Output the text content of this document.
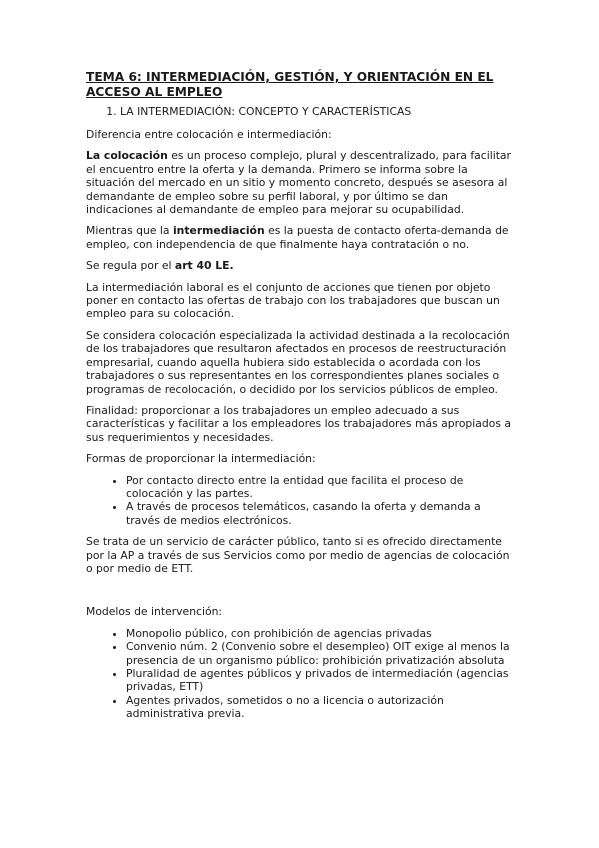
TEMA 6: INTERMEDIACIÓN, GESTIÓN, Y ORIENTACIÓN EN EL ACCESO AL EMPLEO
1. LA INTERMEDIACIÓN: CONCEPTO Y CARACTERÍSTICAS

Diferencia entre colocación e intermediación:

La colocación es un proceso complejo, plural y descentralizado, para facilitar el encuentro entre la oferta y la demanda. Primero se informa sobre la situación del mercado en un sitio y momento concreto, después se asesora al demandante de empleo sobre su perfil laboral, y por último se dan indicaciones al demandante de empleo para mejorar su ocupabilidad.

Mientras que la intermediación es la puesta de contacto oferta-demanda de empleo, con independencia de que finalmente haya contratación o no.

Se regula por el art 40 LE.

La intermediación laboral es el conjunto de acciones que tienen por objeto poner en contacto las ofertas de trabajo con los trabajadores que buscan un empleo para su colocación.

Se considera colocación especializada la actividad destinada a la recolocación de los trabajadores que resultaron afectados en procesos de reestructuración empresarial, cuando aquella hubiera sido establecida o acordada con los trabajadores o sus representantes en los correspondientes planes sociales o programas de recolocación, o decidido por los servicios públicos de empleo.

Finalidad: proporcionar a los trabajadores un empleo adecuado a sus características y facilitar a los empleadores los trabajadores más apropiados a sus requerimientos y necesidades.

Formas de proporcionar la intermediación:

• Por contacto directo entre la entidad que facilita el proceso de colocación y las partes.
• A través de procesos telemáticos, casando la oferta y demanda a través de medios electrónicos.

Se trata de un servicio de carácter público, tanto si es ofrecido directamente por la AP a través de sus Servicios como por medio de agencias de colocación o por medio de ETT.

Modelos de intervención:

• Monopolio público, con prohibición de agencias privadas
• Convenio núm. 2 (Convenio sobre el desempleo) OIT exige al menos la presencia de un organismo público: prohibición privatización absoluta
• Pluralidad de agentes públicos y privados de intermediación (agencias privadas, ETT)
• Agentes privados, sometidos o no a licencia o autorización administrativa previa.
